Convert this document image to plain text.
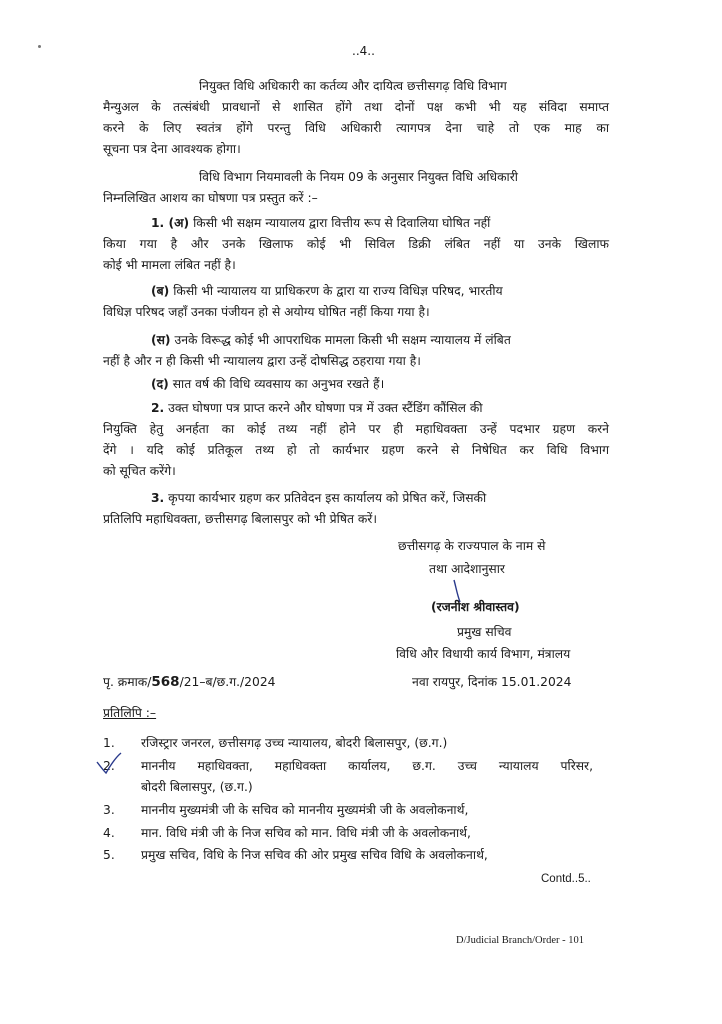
..4..
नियुक्त विधि अधिकारी का कर्तव्य और दायित्व छत्तीसगढ़ विधि विभाग
मैन्युअल के तत्संबंधी प्रावधानों से शासित होंगे तथा दोनों पक्ष कभी भी यह संविदा समाप्त
करने के लिए स्वतंत्र होंगे परन्तु विधि अधिकारी त्यागपत्र देना चाहे तो एक माह का
सूचना पत्र देना आवश्यक होगा।
विधि विभाग नियमावली के नियम 09 के अनुसार नियुक्त विधि अधिकारी
निम्नलिखित आशय का घोषणा पत्र प्रस्तुत करें :–
1. (अ) किसी भी सक्षम न्यायालय द्वारा वित्तीय रूप से दिवालिया घोषित नहीं
किया गया है और उनके खिलाफ कोई भी सिविल डिक्री लंबित नहीं या उनके खिलाफ
कोई भी मामला लंबित नहीं है।
(ब) किसी भी न्यायालय या प्राधिकरण के द्वारा या राज्य विधिज्ञ परिषद, भारतीय
विधिज्ञ परिषद जहाँ उनका पंजीयन हो से अयोग्य घोषित नहीं किया गया है।
(स) उनके विरूद्ध कोई भी आपराधिक मामला किसी भी सक्षम न्यायालय में लंबित
नहीं है और न ही किसी भी न्यायालय द्वारा उन्हें दोषसिद्ध ठहराया गया है।
(द) सात वर्ष की विधि व्यवसाय का अनुभव रखते हैं।
2. उक्त घोषणा पत्र प्राप्त करने और घोषणा पत्र में उक्त स्टैंडिंग कौंसिल की
नियुक्ति हेतु अनर्हता का कोई तथ्य नहीं होने पर ही महाधिवक्ता उन्हें पदभार ग्रहण करने
देंगे । यदि कोई प्रतिकूल तथ्य हो तो कार्यभार ग्रहण करने से निषेधित कर विधि विभाग
को सूचित करेंगे।
3. कृपया कार्यभार ग्रहण कर प्रतिवेदन इस कार्यालय को प्रेषित करें, जिसकी
प्रतिलिपि महाधिवक्ता, छत्तीसगढ़ बिलासपुर को भी प्रेषित करें।
छत्तीसगढ़ के राज्यपाल के नाम से
तथा आदेशानुसार
(रजनीश श्रीवास्तव)
प्रमुख सचिव
विधि और विधायी कार्य विभाग, मंत्रालय
पृ. क्रमाक/568/21–ब/छ.ग./2024	नवा रायपुर, दिनांक 15.01.2024
प्रतिलिपि :–
1. रजिस्ट्रार जनरल, छत्तीसगढ़ उच्च न्यायालय, बोदरी बिलासपुर, (छ.ग.)
2. माननीय महाधिवक्ता, महाधिवक्ता कार्यालय, छ.ग. उच्च न्यायालय परिसर,
बोदरी बिलासपुर, (छ.ग.)
3. माननीय मुख्यमंत्री जी के सचिव को माननीय मुख्यमंत्री जी के अवलोकनार्थ,
4. मान. विधि मंत्री जी के निज सचिव को मान. विधि मंत्री जी के अवलोकनार्थ,
5. प्रमुख सचिव, विधि के निज सचिव की ओर प्रमुख सचिव विधि के अवलोकनार्थ,
Contd..5..
D/Judicial Branch/Order - 101
